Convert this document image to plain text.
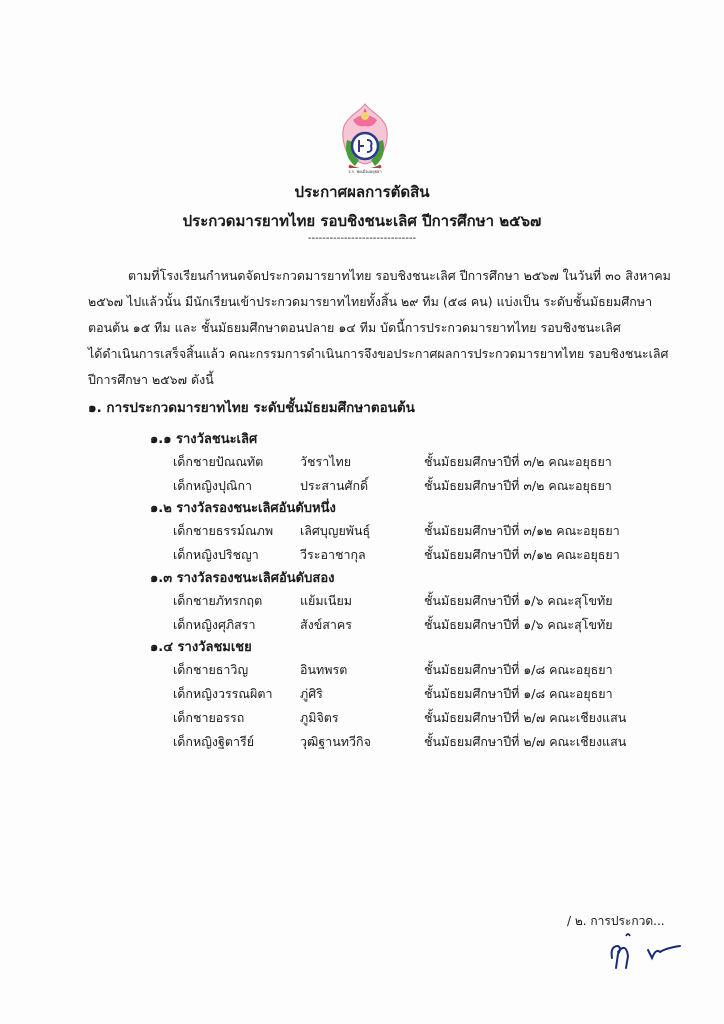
ร.ร. พ่อเมืองอยุธยา
ประกาศผลการตัดสิน
ประกวดมารยาทไทย รอบชิงชนะเลิศ ปีการศึกษา ๒๕๖๗
------------------------------
ตามที่โรงเรียนกำหนดจัดประกวดมารยาทไทย รอบชิงชนะเลิศ ปีการศึกษา ๒๕๖๗ ในวันที่ ๓๐ สิงหาคม
๒๕๖๗ ไปแล้วนั้น มีนักเรียนเข้าประกวดมารยาทไทยทั้งสิ้น ๒๙ ทีม (๕๘ คน) แบ่งเป็น ระดับชั้นมัธยมศึกษา
ตอนต้น ๑๕ ทีม และ ชั้นมัธยมศึกษาตอนปลาย ๑๔ ทีม บัดนี้การประกวดมารยาทไทย รอบชิงชนะเลิศ
ได้ดำเนินการเสร็จสิ้นแล้ว คณะกรรมการดำเนินการจึงขอประกาศผลการประกวดมารยาทไทย รอบชิงชนะเลิศ
ปีการศึกษา ๒๕๖๗ ดังนี้
๑. การประกวดมารยาทไทย ระดับชั้นมัธยมศึกษาตอนต้น
๑.๑ รางวัลชนะเลิศ
เด็กชายปัณณทัต	วัชราไทย	ชั้นมัธยมศึกษาปีที่ ๓/๒ คณะอยุธยา
เด็กหญิงปุณิกา	ประสานศักดิ์	ชั้นมัธยมศึกษาปีที่ ๓/๒ คณะอยุธยา
๑.๒ รางวัลรองชนะเลิศอันดับหนึ่ง
เด็กชายธรรม์ณภพ เลิศบุญยพันธุ์	ชั้นมัธยมศึกษาปีที่ ๓/๑๒ คณะอยุธยา
เด็กหญิงปริชญา	วีระอาชากุล	ชั้นมัธยมศึกษาปีที่ ๓/๑๒ คณะอยุธยา
๑.๓ รางวัลรองชนะเลิศอันดับสอง
เด็กชายภัทรกฤต	แย้มเนียม	ชั้นมัธยมศึกษาปีที่ ๑/๖ คณะสุโขทัย
เด็กหญิงศุภิสรา	สังข์สาคร	ชั้นมัธยมศึกษาปีที่ ๑/๖ คณะสุโขทัย
๑.๔ รางวัลชมเชย
เด็กชายธาวิญ	อินทพรต	ชั้นมัธยมศึกษาปีที่ ๑/๘ คณะอยุธยา
เด็กหญิงวรรณผิตา ภู่ศิริ	ชั้นมัธยมศึกษาปีที่ ๑/๘ คณะอยุธยา
เด็กชายอรรถ	ภูมิจิตร	ชั้นมัธยมศึกษาปีที่ ๒/๗ คณะเชียงแสน
เด็กหญิงฐิตารีย์	วุฒิฐานทวีกิจ	ชั้นมัธยมศึกษาปีที่ ๒/๗ คณะเชียงแสน
/ ๒. การประกวด...
